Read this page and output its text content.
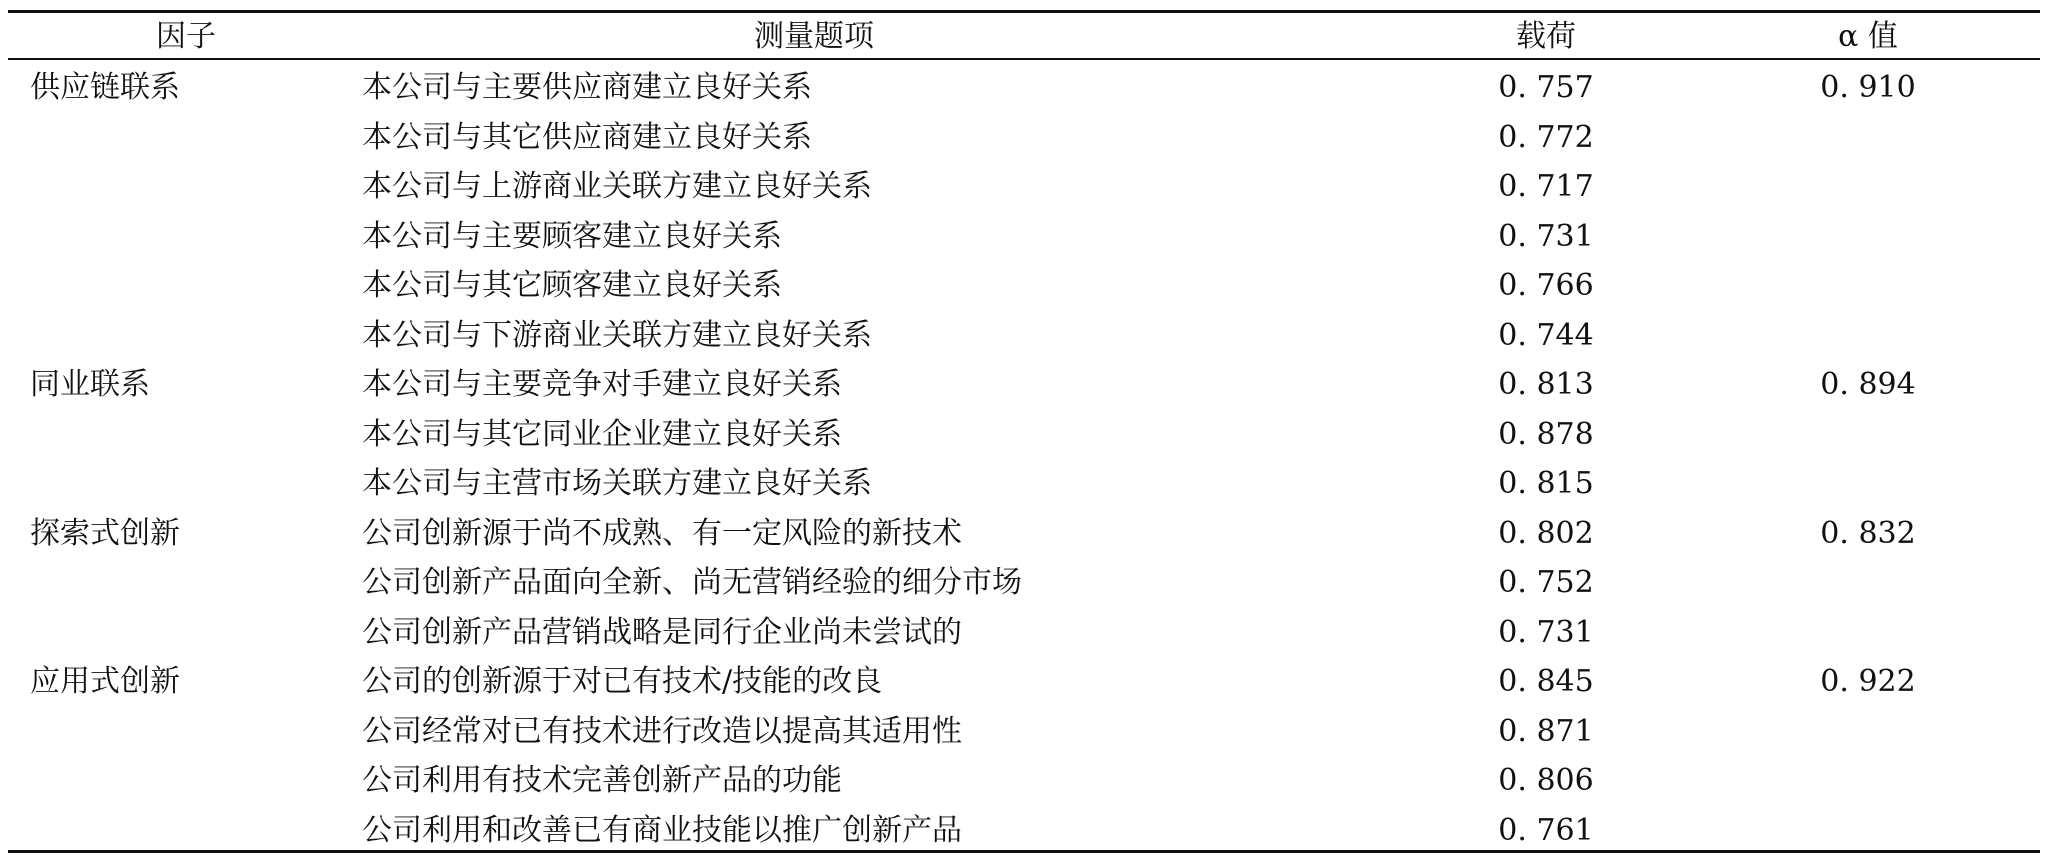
因子	测量题项	载荷	α 值
供应链联系	本公司与主要供应商建立良好关系	0. 757	0. 910
本公司与其它供应商建立良好关系	0. 772
本公司与上游商业关联方建立良好关系	0. 717
本公司与主要顾客建立良好关系	0. 731
本公司与其它顾客建立良好关系	0. 766
本公司与下游商业关联方建立良好关系	0. 744
同业联系	本公司与主要竞争对手建立良好关系	0. 813	0. 894
本公司与其它同业企业建立良好关系	0. 878
本公司与主营市场关联方建立良好关系	0. 815
探索式创新	公司创新源于尚不成熟、有一定风险的新技术	0. 802	0. 832
公司创新产品面向全新、尚无营销经验的细分市场	0. 752
公司创新产品营销战略是同行企业尚未尝试的	0. 731
应用式创新	公司的创新源于对已有技术/技能的改良	0. 845	0. 922
公司经常对已有技术进行改造以提高其适用性	0. 871
公司利用有技术完善创新产品的功能	0. 806
公司利用和改善已有商业技能以推广创新产品	0. 761
